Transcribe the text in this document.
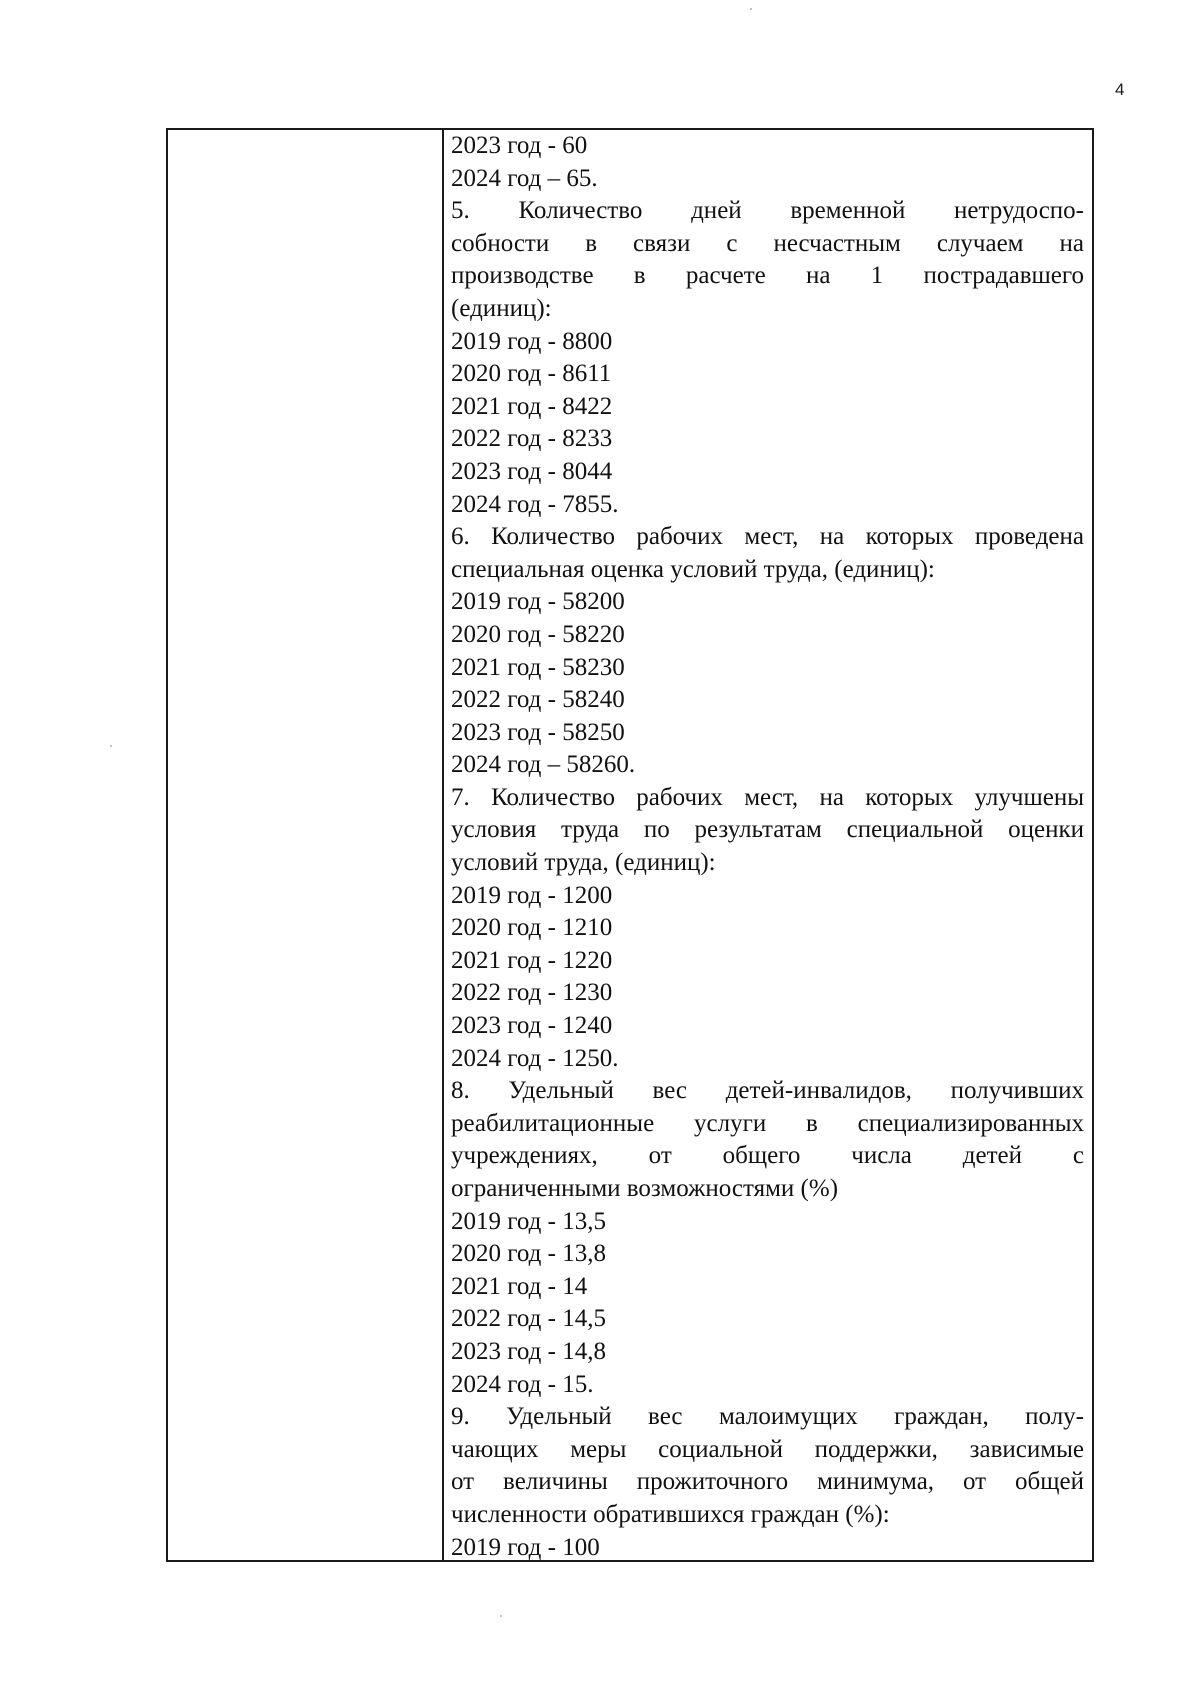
4
2023 год - 60
2024 год – 65.
5. Количество дней временной нетрудоспо-
собности в связи с несчастным случаем на
производстве в расчете на 1 пострадавшего
(единиц):
2019 год - 8800
2020 год - 8611
2021 год - 8422
2022 год - 8233
2023 год - 8044
2024 год - 7855.
6. Количество рабочих мест, на которых проведена
специальная оценка условий труда, (единиц):
2019 год - 58200
2020 год - 58220
2021 год - 58230
2022 год - 58240
2023 год - 58250
2024 год – 58260.
7. Количество рабочих мест, на которых улучшены
условия труда по результатам специальной оценки
условий труда, (единиц):
2019 год - 1200
2020 год - 1210
2021 год - 1220
2022 год - 1230
2023 год - 1240
2024 год - 1250.
8. Удельный вес детей-инвалидов, получивших
реабилитационные услуги в специализированных
учреждениях, от общего числа детей с
ограниченными возможностями (%)
2019 год - 13,5
2020 год - 13,8
2021 год - 14
2022 год - 14,5
2023 год - 14,8
2024 год - 15.
9. Удельный вес малоимущих граждан, полу-
чающих меры социальной поддержки, зависимые
от величины прожиточного минимума, от общей
численности обратившихся граждан (%):
2019 год - 100
